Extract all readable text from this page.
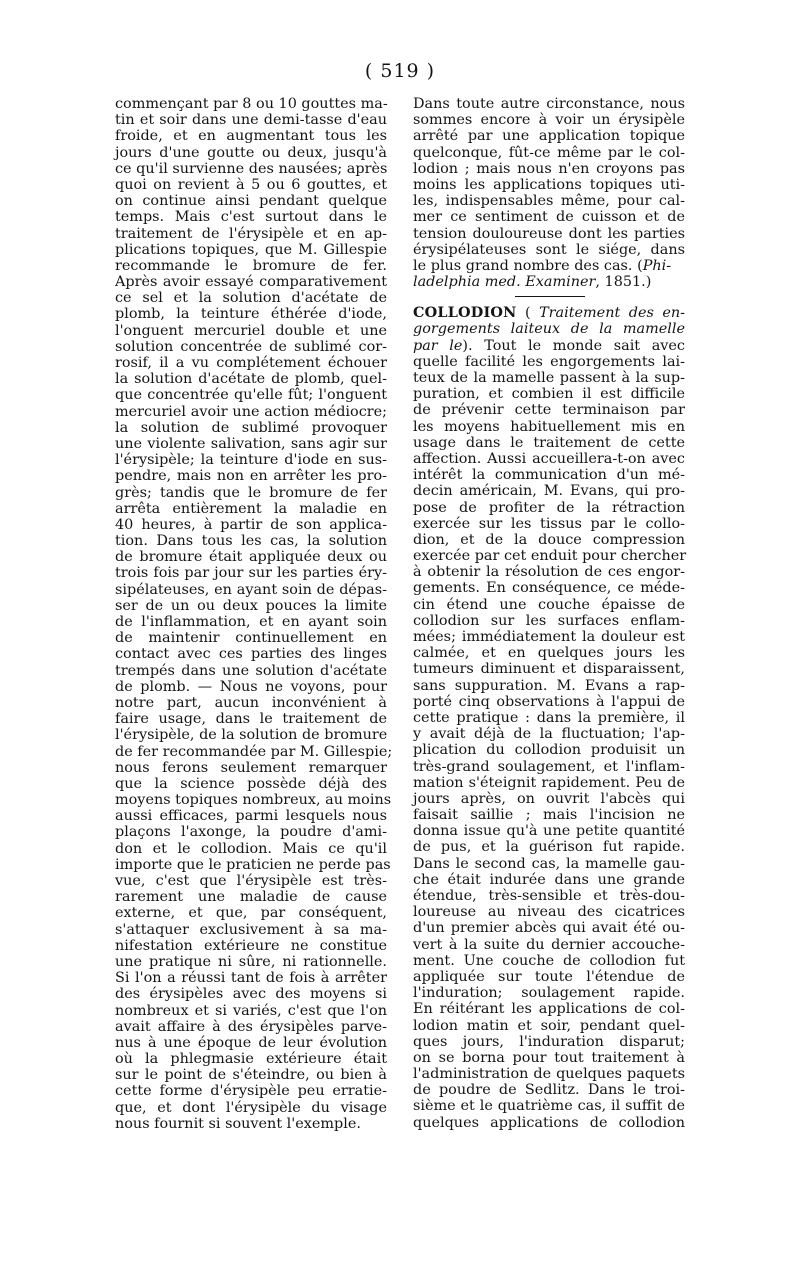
( 519 )
commençant par 8 ou 10 gouttes ma-
tin et soir dans une demi-tasse d'eau
froide, et en augmentant tous les
jours d'une goutte ou deux, jusqu'à
ce qu'il survienne des nausées; après
quoi on revient à 5 ou 6 gouttes, et
on continue ainsi pendant quelque
temps. Mais c'est surtout dans le
traitement de l'érysipèle et en ap-
plications topiques, que M. Gillespie
recommande le bromure de fer.
Après avoir essayé comparativement
ce sel et la solution d'acétate de
plomb, la teinture éthérée d'iode,
l'onguent mercuriel double et une
solution concentrée de sublimé cor-
rosif, il a vu complétement échouer
la solution d'acétate de plomb, quel-
que concentrée qu'elle fût; l'onguent
mercuriel avoir une action médiocre;
la solution de sublimé provoquer
une violente salivation, sans agir sur
l'érysipèle; la teinture d'iode en sus-
pendre, mais non en arrêter les pro-
grès; tandis que le bromure de fer
arrêta entièrement la maladie en
40 heures, à partir de son applica-
tion. Dans tous les cas, la solution
de bromure était appliquée deux ou
trois fois par jour sur les parties éry-
sipélateuses, en ayant soin de dépas-
ser de un ou deux pouces la limite
de l'inflammation, et en ayant soin
de maintenir continuellement en
contact avec ces parties des linges
trempés dans une solution d'acétate
de plomb. — Nous ne voyons, pour
notre part, aucun inconvénient à
faire usage, dans le traitement de
l'érysipèle, de la solution de bromure
de fer recommandée par M. Gillespie;
nous ferons seulement remarquer
que la science possède déjà des
moyens topiques nombreux, au moins
aussi efficaces, parmi lesquels nous
plaçons l'axonge, la poudre d'ami-
don et le collodion. Mais ce qu'il
importe que le praticien ne perde pas
vue, c'est que l'érysipèle est très-
rarement une maladie de cause
externe, et que, par conséquent,
s'attaquer exclusivement à sa ma-
nifestation extérieure ne constitue
une pratique ni sûre, ni rationnelle.
Si l'on a réussi tant de fois à arrêter
des érysipèles avec des moyens si
nombreux et si variés, c'est que l'on
avait affaire à des érysipèles parve-
nus à une époque de leur évolution
où la phlegmasie extérieure était
sur le point de s'éteindre, ou bien à
cette forme d'érysipèle peu erratie-
que, et dont l'érysipèle du visage
nous fournit si souvent l'exemple.
Dans toute autre circonstance, nous
sommes encore à voir un érysipèle
arrêté par une application topique
quelconque, fût-ce même par le col-
lodion ; mais nous n'en croyons pas
moins les applications topiques uti-
les, indispensables même, pour cal-
mer ce sentiment de cuisson et de
tension douloureuse dont les parties
érysipélateuses sont le siége, dans
le plus grand nombre des cas. (Phi-
ladelphia med. Examiner, 1851.)
COLLODION ( Traitement des en-
gorgements laiteux de la mamelle
par le). Tout le monde sait avec
quelle facilité les engorgements lai-
teux de la mamelle passent à la sup-
puration, et combien il est difficile
de prévenir cette terminaison par
les moyens habituellement mis en
usage dans le traitement de cette
affection. Aussi accueillera-t-on avec
intérêt la communication d'un mé-
decin américain, M. Evans, qui pro-
pose de profiter de la rétraction
exercée sur les tissus par le collo-
dion, et de la douce compression
exercée par cet enduit pour chercher
à obtenir la résolution de ces engor-
gements. En conséquence, ce méde-
cin étend une couche épaisse de
collodion sur les surfaces enflam-
mées; immédiatement la douleur est
calmée, et en quelques jours les
tumeurs diminuent et disparaissent,
sans suppuration. M. Evans a rap-
porté cinq observations à l'appui de
cette pratique : dans la première, il
y avait déjà de la fluctuation; l'ap-
plication du collodion produisit un
très-grand soulagement, et l'inflam-
mation s'éteignit rapidement. Peu de
jours après, on ouvrit l'abcès qui
faisait saillie ; mais l'incision ne
donna issue qu'à une petite quantité
de pus, et la guérison fut rapide.
Dans le second cas, la mamelle gau-
che était indurée dans une grande
étendue, très-sensible et très-dou-
loureuse au niveau des cicatrices
d'un premier abcès qui avait été ou-
vert à la suite du dernier accouche-
ment. Une couche de collodion fut
appliquée sur toute l'étendue de
l'induration; soulagement rapide.
En réitérant les applications de col-
lodion matin et soir, pendant quel-
ques jours, l'induration disparut;
on se borna pour tout traitement à
l'administration de quelques paquets
de poudre de Sedlitz. Dans le troi-
sième et le quatrième cas, il suffit de
quelques applications de collodion
